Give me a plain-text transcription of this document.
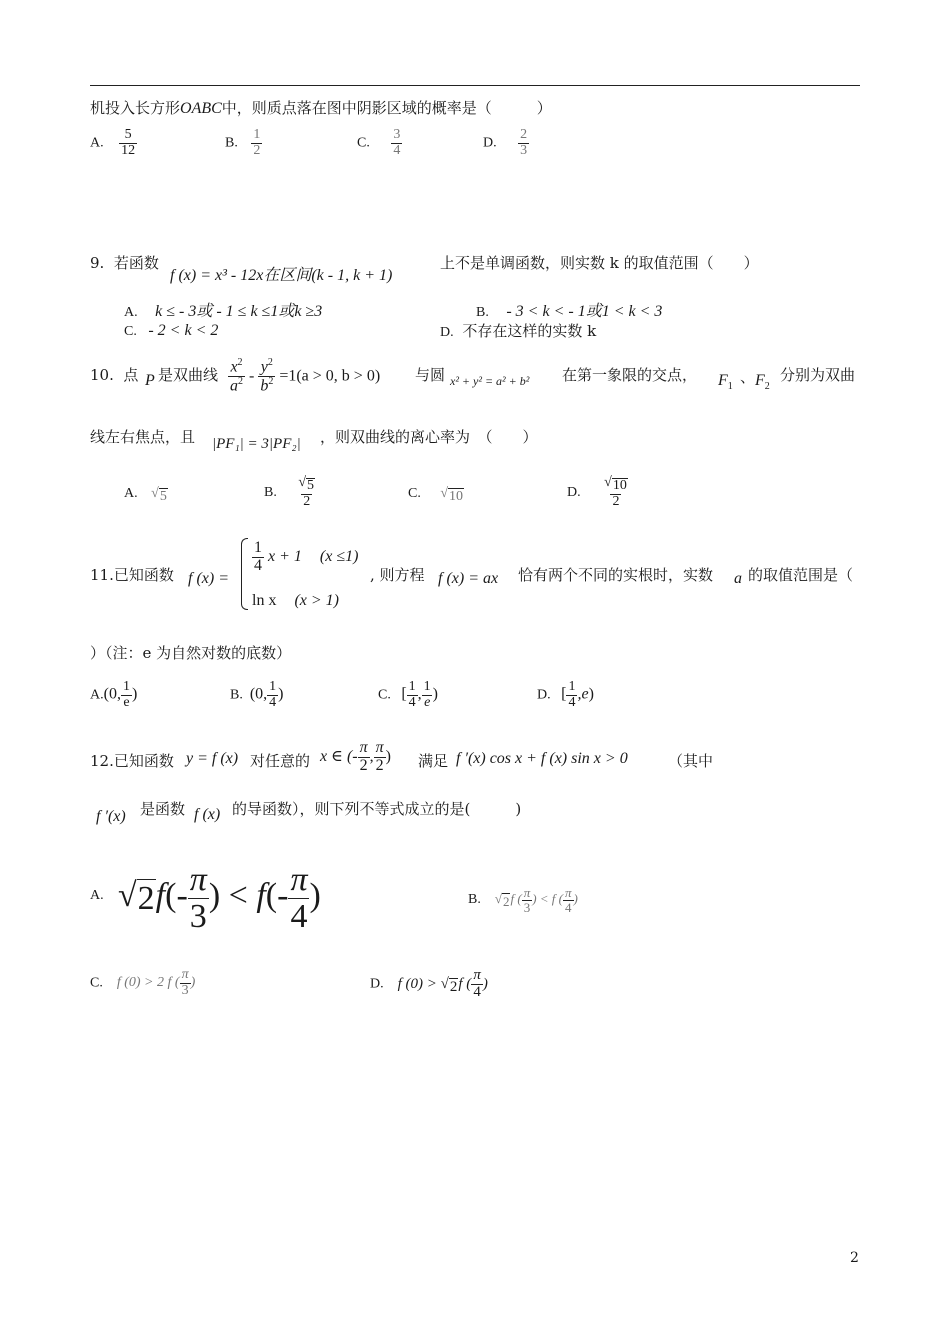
机投入长方形OABC中，则质点落在图中阴影区域的概率是（　　　）
A. $\frac{5}{12}$	B. $\frac{1}{2}$	C. $\frac{3}{4}$	D. $\frac{2}{3}$
9. 若函数
f (x) = x³ - 12x在区间(k - 1, k + 1)
上不是单调函数，则实数 k 的取值范围（　　）
A. k ≤ - 3或 - 1 ≤ k ≤1或k ≥3	B. - 3 < k < - 1或1 < k < 3
C. - 2 < k < 2	D. 不存在这样的实数 k
10. 点 P 是双曲线 $\frac{x^2}{a^2} - \frac{y^2}{b^2} =1(a > 0$, b > 0) 与圆 x² + y² = a² + b² 在第一象限的交点， $F_1$
、 $F_2$
分别为双曲
线左右焦点，且 |PF₁| = 3|PF₂| ，则双曲线的离心率为　（　　）
A. √ 5	B. $\frac{√ 5}{2}$	C. √ 10	D. $\frac{√ 10}{2}$
11.已知函数 f (x) =
$\frac{1}{4}$ x + 1 (x ≤1)
ln x (x > 1)
, 则方程 f (x) = ax 恰有两个不同的实根时，实数 a 的取值范围是（
）（注：e 为自然对数的底数）
A.(0, $\frac{1}{e}$ )	B. (0, $\frac{1}{4}$ )	C. [ $\frac{1}{4}$ , $\frac{1}{e}$ )	D. [ $\frac{1}{4} ,e$)
12.已知函数 y = f (x) 对任意的 x ∈ (- $\frac{\pi}{2}$ , $\frac{\pi}{2}$ ) 满足 f ′(x) cos x + f (x) sin x > 0	（其中
f ′(x) 是函数 f (x) 的导函数），则下列不等式成立的是(　　　)
A. √ 2 $f(- \frac{\pi}{3}$ ) < $f(- \frac{\pi}{4}$ )	B. √ 2 f ( $\frac{\pi}{3}$ ) < f ( $\frac{\pi}{4}$ )
C. f (0) > 2 f ( $\frac{\pi}{3}$ )	D. f (0) > √ 2 f ( $\frac{\pi}{4}$ )
2
